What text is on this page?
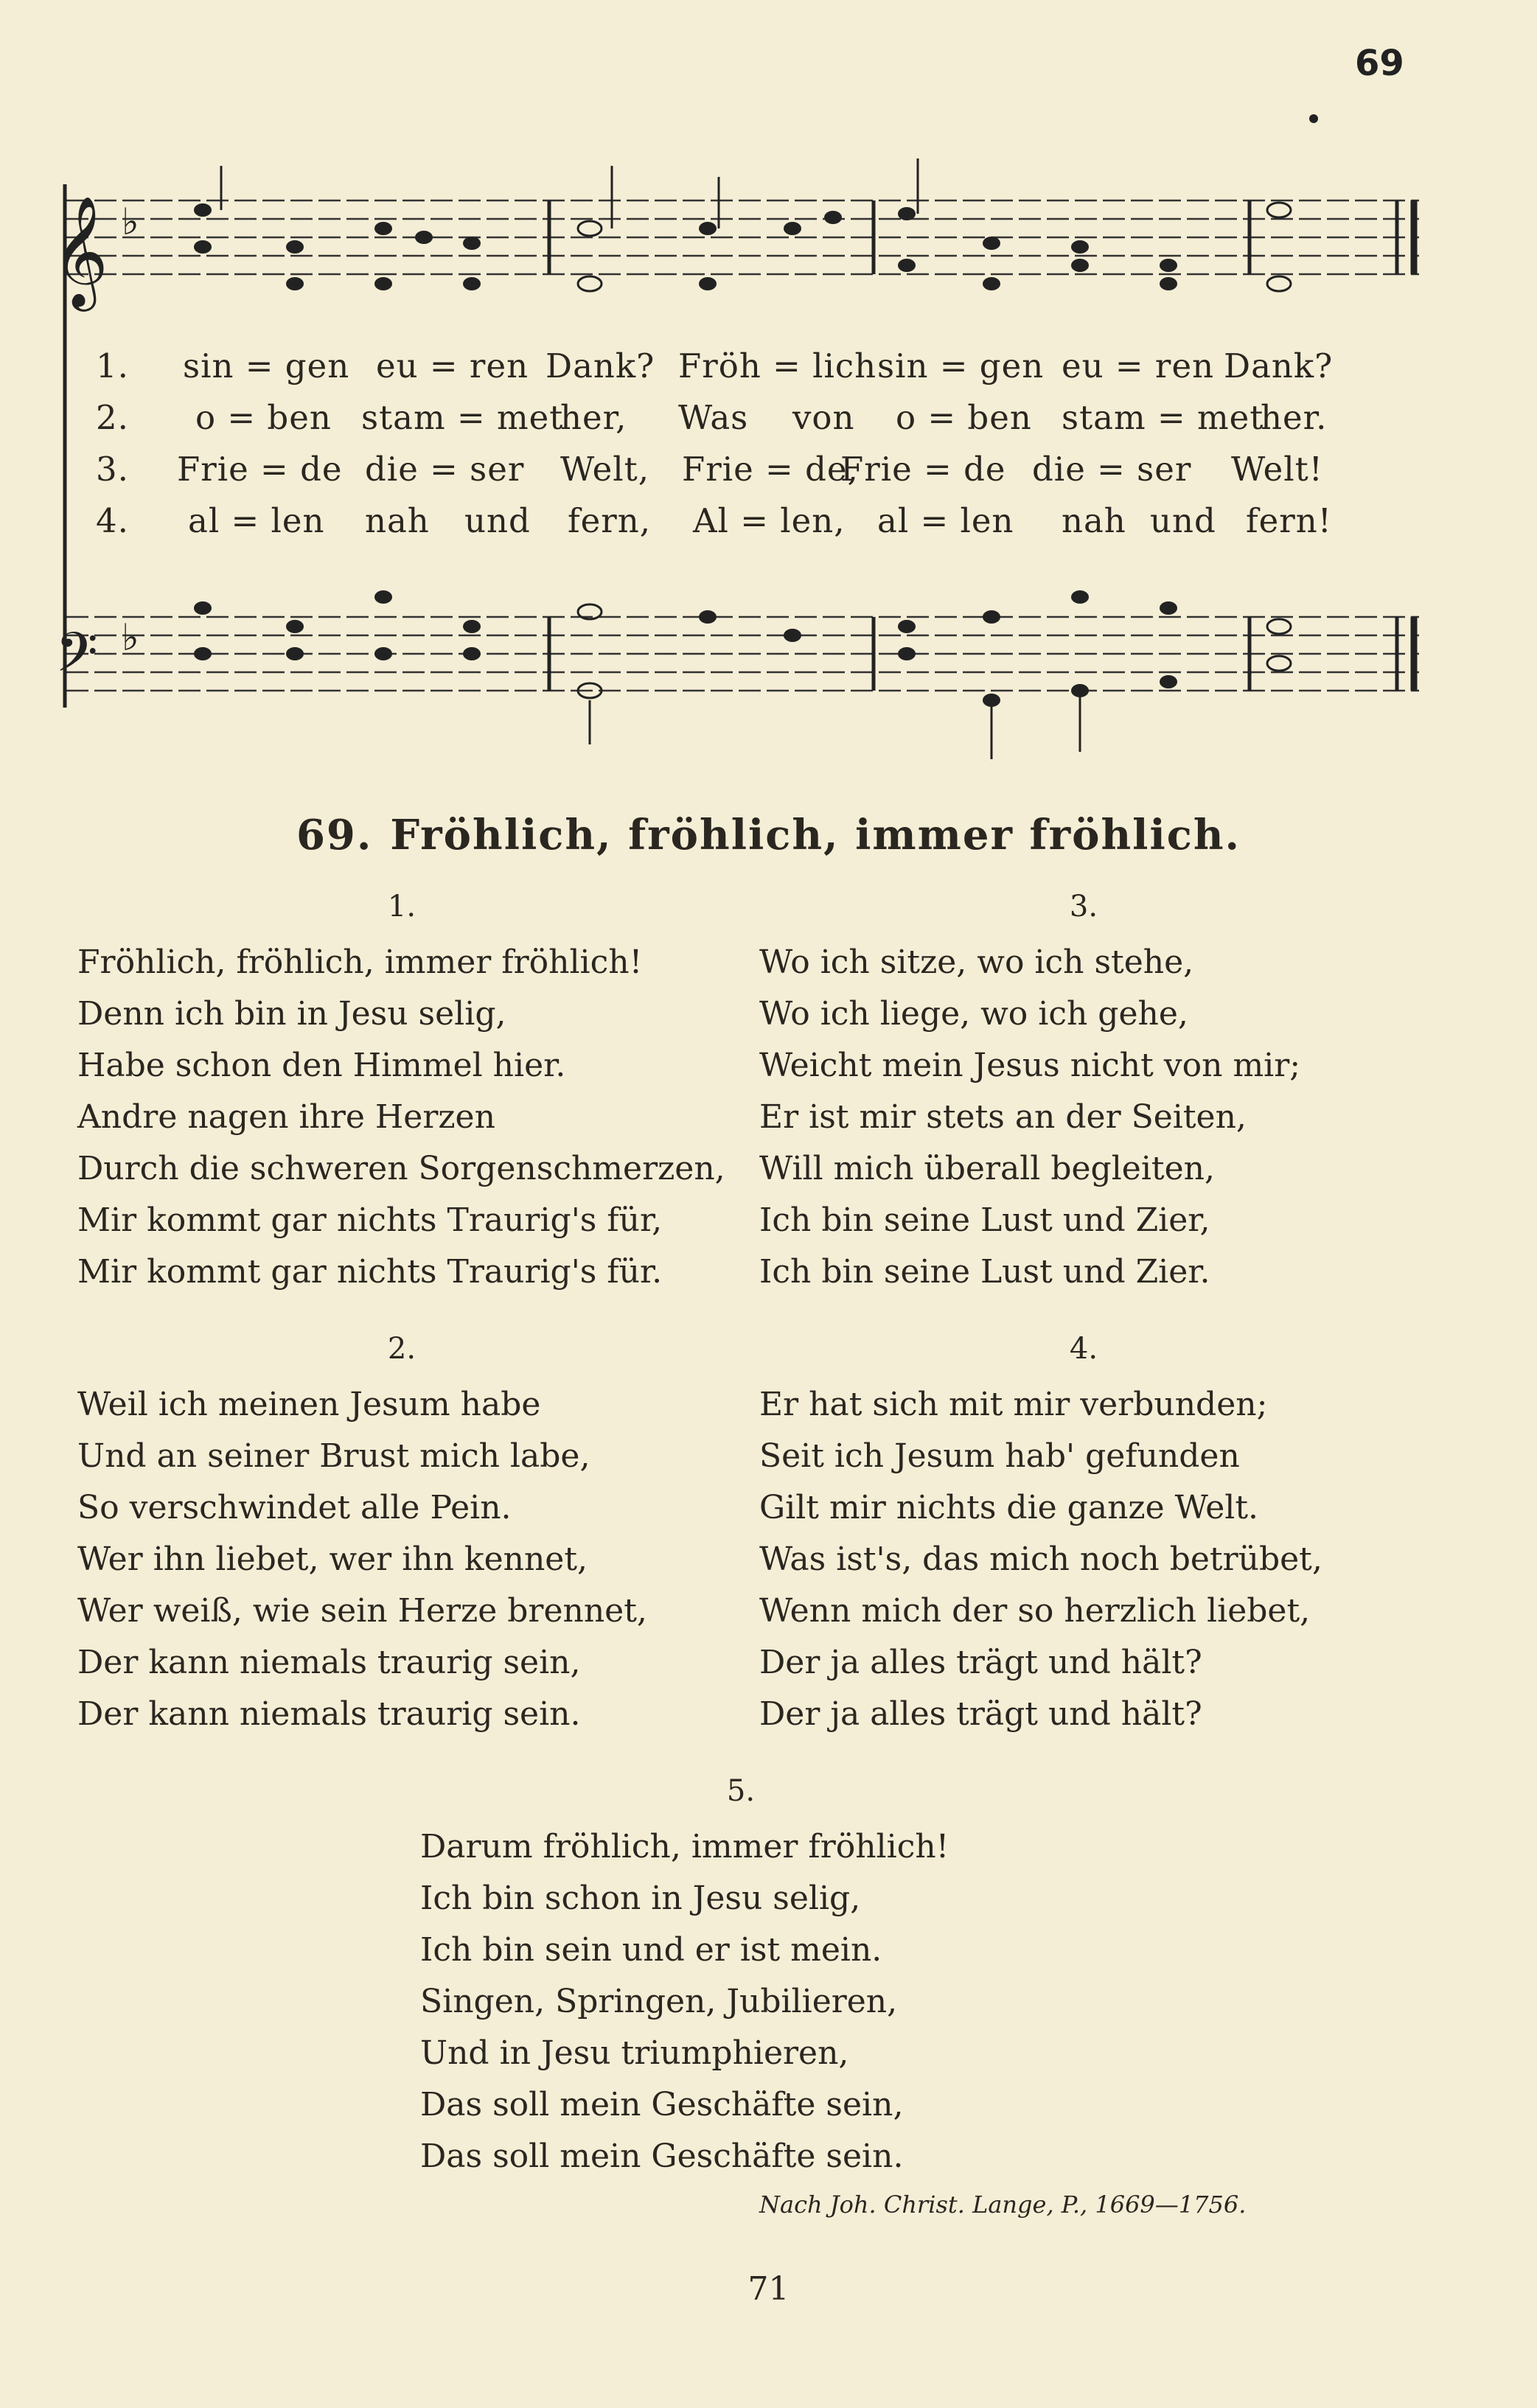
69
𝄞
𝄢
♭
♭
1. sin = gen eu = ren Dank? Fröh = lich sin = gen eu = ren Dank?
2. o = ben stam = met
her, Was von o = ben stam = met
her.
3. Frie = de die = ser Welt, Frie = de,
Frie = de die = ser Welt!
4. al = len nah und fern, Al = len, al = len nah und fern!
69. Fröhlich, fröhlich, immer fröhlich.
1.
Fröhlich, fröhlich, immer fröhlich!
Denn ich bin in Jesu selig,
Habe schon den Himmel hier.
Andre nagen ihre Herzen
Durch die schweren Sorgenschmerzen,
Mir kommt gar nichts Traurig's für,
Mir kommt gar nichts Traurig's für.
3.
Wo ich sitze, wo ich stehe,
Wo ich liege, wo ich gehe,
Weicht mein Jesus nicht von mir;
Er ist mir stets an der Seiten,
Will mich überall begleiten,
Ich bin seine Lust und Zier,
Ich bin seine Lust und Zier.
2.
Weil ich meinen Jesum habe
Und an seiner Brust mich labe,
So verschwindet alle Pein.
Wer ihn liebet, wer ihn kennet,
Wer weiß, wie sein Herze brennet,
Der kann niemals traurig sein,
Der kann niemals traurig sein.
4.
Er hat sich mit mir verbunden;
Seit ich Jesum hab' gefunden
Gilt mir nichts die ganze Welt.
Was ist's, das mich noch betrübet,
Wenn mich der so herzlich liebet,
Der ja alles trägt und hält?
Der ja alles trägt und hält?
5.
Darum fröhlich, immer fröhlich!
Ich bin schon in Jesu selig,
Ich bin sein und er ist mein.
Singen, Springen, Jubilieren,
Und in Jesu triumphieren,
Das soll mein Geschäfte sein,
Das soll mein Geschäfte sein.
Nach Joh. Christ. Lange, P., 1669—1756.
71
